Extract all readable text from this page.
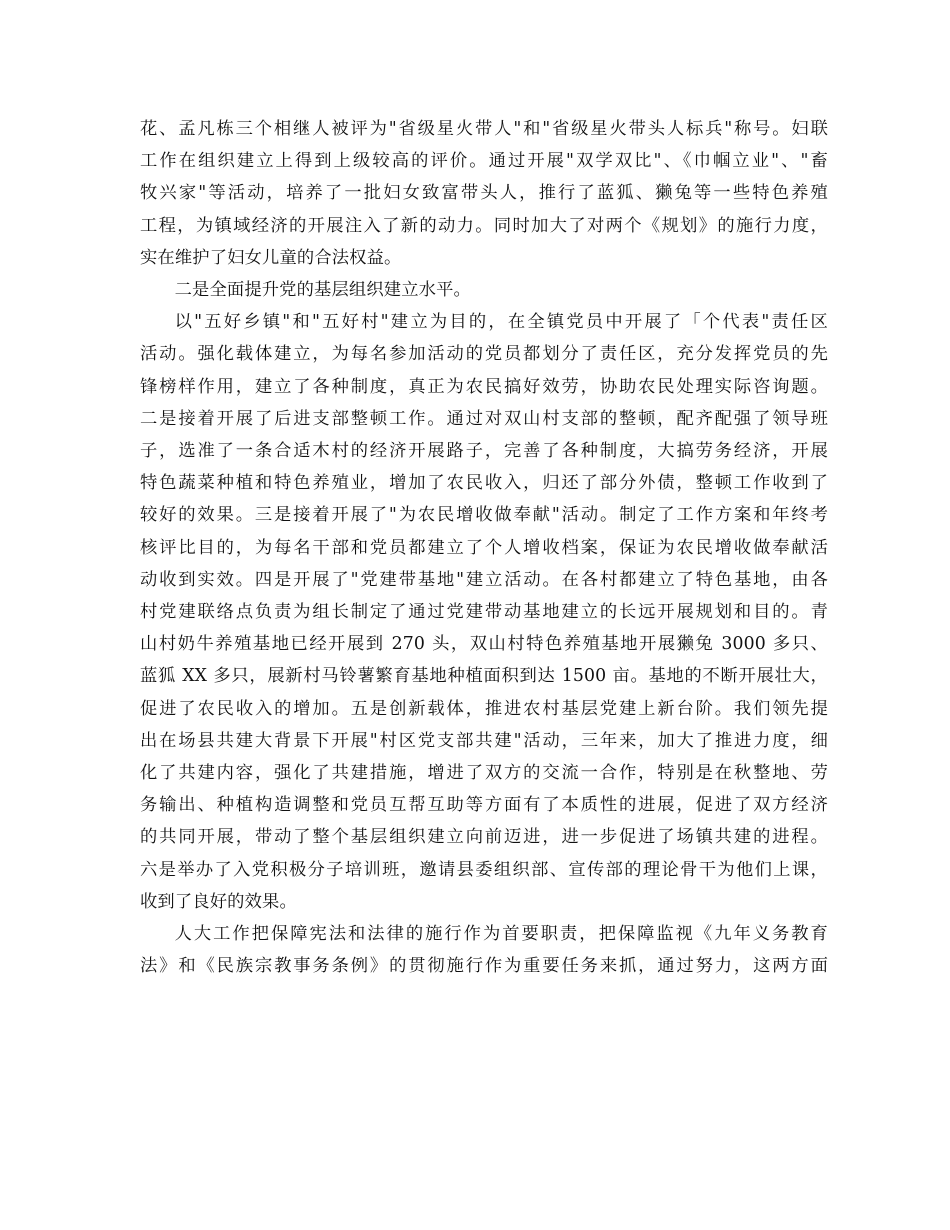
花、孟凡栋三个相继人被评为"省级星火带人"和"省级星火带头人标兵"称号。妇联
工作在组织建立上得到上级较高的评价。通过开展"双学双比"、《巾帼立业"、"畜
牧兴家"等活动，培养了一批妇女致富带头人，推行了蓝狐、獭兔等一些特色养殖
工程，为镇域经济的开展注入了新的动力。同时加大了对两个《规划》的施行力度，
实在维护了妇女儿童的合法权益。
二是全面提升党的基层组织建立水平。
以"五好乡镇"和"五好村"建立为目的，在全镇党员中开展了「个代表"责任区
活动。强化载体建立，为每名参加活动的党员都划分了责任区，充分发挥党员的先
锋榜样作用，建立了各种制度，真正为农民搞好效劳，协助农民处理实际咨询题。
二是接着开展了后进支部整顿工作。通过对双山村支部的整顿，配齐配强了领导班
子，选准了一条合适木村的经济开展路子，完善了各种制度，大搞劳务经济，开展
特色蔬菜种植和特色养殖业，增加了农民收入，归还了部分外债，整顿工作收到了
较好的效果。三是接着开展了"为农民增收做奉献"活动。制定了工作方案和年终考
核评比目的，为每名干部和党员都建立了个人增收档案，保证为农民增收做奉献活
动收到实效。四是开展了"党建带基地"建立活动。在各村都建立了特色基地，由各
村党建联络点负责为组长制定了通过党建带动基地建立的长远开展规划和目的。青
山村奶牛养殖基地已经开展到 270 头，双山村特色养殖基地开展獭兔 3000 多只、
蓝狐 XX 多只，展新村马铃薯繁育基地种植面积到达 1500 亩。基地的不断开展壮大，
促进了农民收入的增加。五是创新载体，推进农村基层党建上新台阶。我们领先提
出在场县共建大背景下开展"村区党支部共建"活动，三年来，加大了推进力度，细
化了共建内容，强化了共建措施，增进了双方的交流一合作，特别是在秋整地、劳
务输出、种植构造调整和党员互帮互助等方面有了本质性的进展，促进了双方经济
的共同开展，带动了整个基层组织建立向前迈进，进一步促进了场镇共建的进程。
六是举办了入党积极分子培训班，邀请县委组织部、宣传部的理论骨干为他们上课，
收到了良好的效果。
人大工作把保障宪法和法律的施行作为首要职责，把保障监视《九年义务教育
法》和《民族宗教事务条例》的贯彻施行作为重要任务来抓，通过努力，这两方面
